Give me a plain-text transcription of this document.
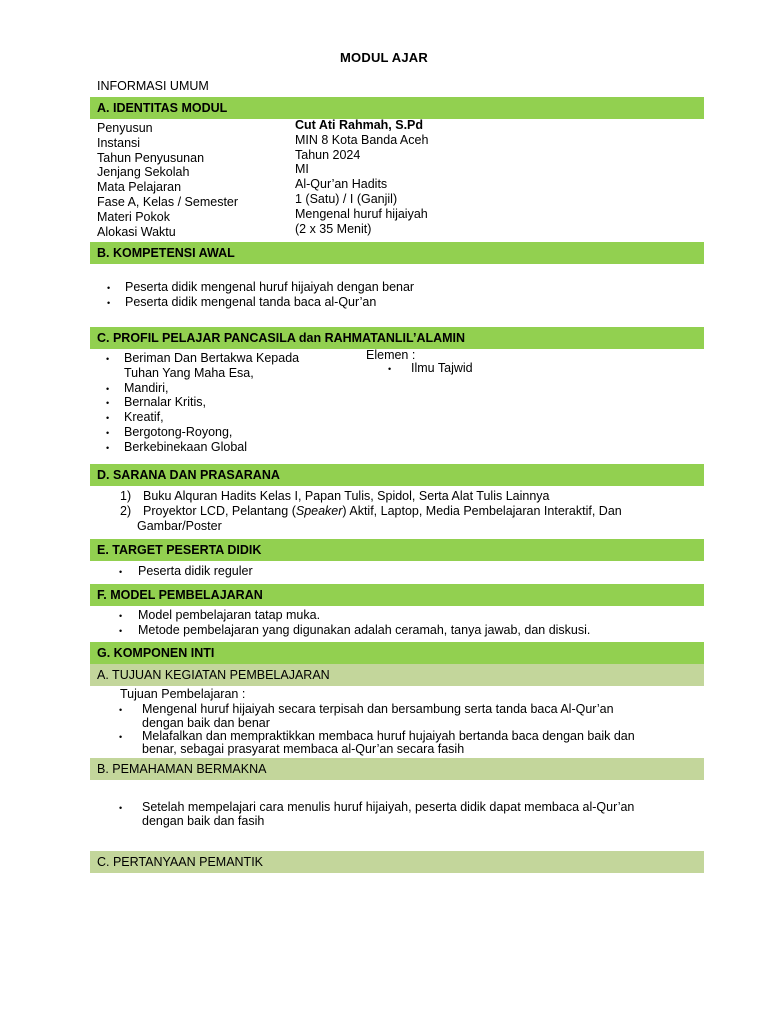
MODUL AJAR
INFORMASI UMUM
A. IDENTITAS MODUL
Penyusun
Instansi
Tahun Penyusunan
Jenjang Sekolah
Mata Pelajaran
Fase A, Kelas / Semester
Materi Pokok
Alokasi Waktu
Cut Ati Rahmah, S.Pd
MIN 8 Kota Banda Aceh
Tahun 2024
MI
Al-Qur’an Hadits
1 (Satu) / I (Ganjil)
Mengenal huruf hijaiyah
(2 x 35 Menit)
B. KOMPETENSI AWAL
• Peserta didik mengenal huruf hijaiyah dengan benar
• Peserta didik mengenal tanda baca al-Qur’an
C. PROFIL PELAJAR PANCASILA dan RAHMATANLIL’ALAMIN
• Beriman Dan Bertakwa Kepada
Tuhan Yang Maha Esa,
• Mandiri,
• Bernalar Kritis,
• Kreatif,
• Bergotong-Royong,
• Berkebinekaan Global
Elemen :
• Ilmu Tajwid
D. SARANA DAN PRASARANA
1) Buku Alquran Hadits Kelas I, Papan Tulis, Spidol, Serta Alat Tulis Lainnya
2) Proyektor LCD, Pelantang (Speaker) Aktif, Laptop, Media Pembelajaran Interaktif, Dan
Gambar/Poster
E. TARGET PESERTA DIDIK
• Peserta didik reguler
F. MODEL PEMBELAJARAN
• Model pembelajaran tatap muka.
• Metode pembelajaran yang digunakan adalah ceramah, tanya jawab, dan diskusi.
G. KOMPONEN INTI
A. TUJUAN KEGIATAN PEMBELAJARAN
Tujuan Pembelajaran :
• Mengenal huruf hijaiyah secara terpisah dan bersambung serta tanda baca Al-Qur’an
dengan baik dan benar
• Melafalkan dan mempraktikkan membaca huruf hujaiyah bertanda baca dengan baik dan
benar, sebagai prasyarat membaca al-Qur’an secara fasih
B. PEMAHAMAN BERMAKNA
• Setelah mempelajari cara menulis huruf hijaiyah, peserta didik dapat membaca al-Qur’an
dengan baik dan fasih
C. PERTANYAAN PEMANTIK
